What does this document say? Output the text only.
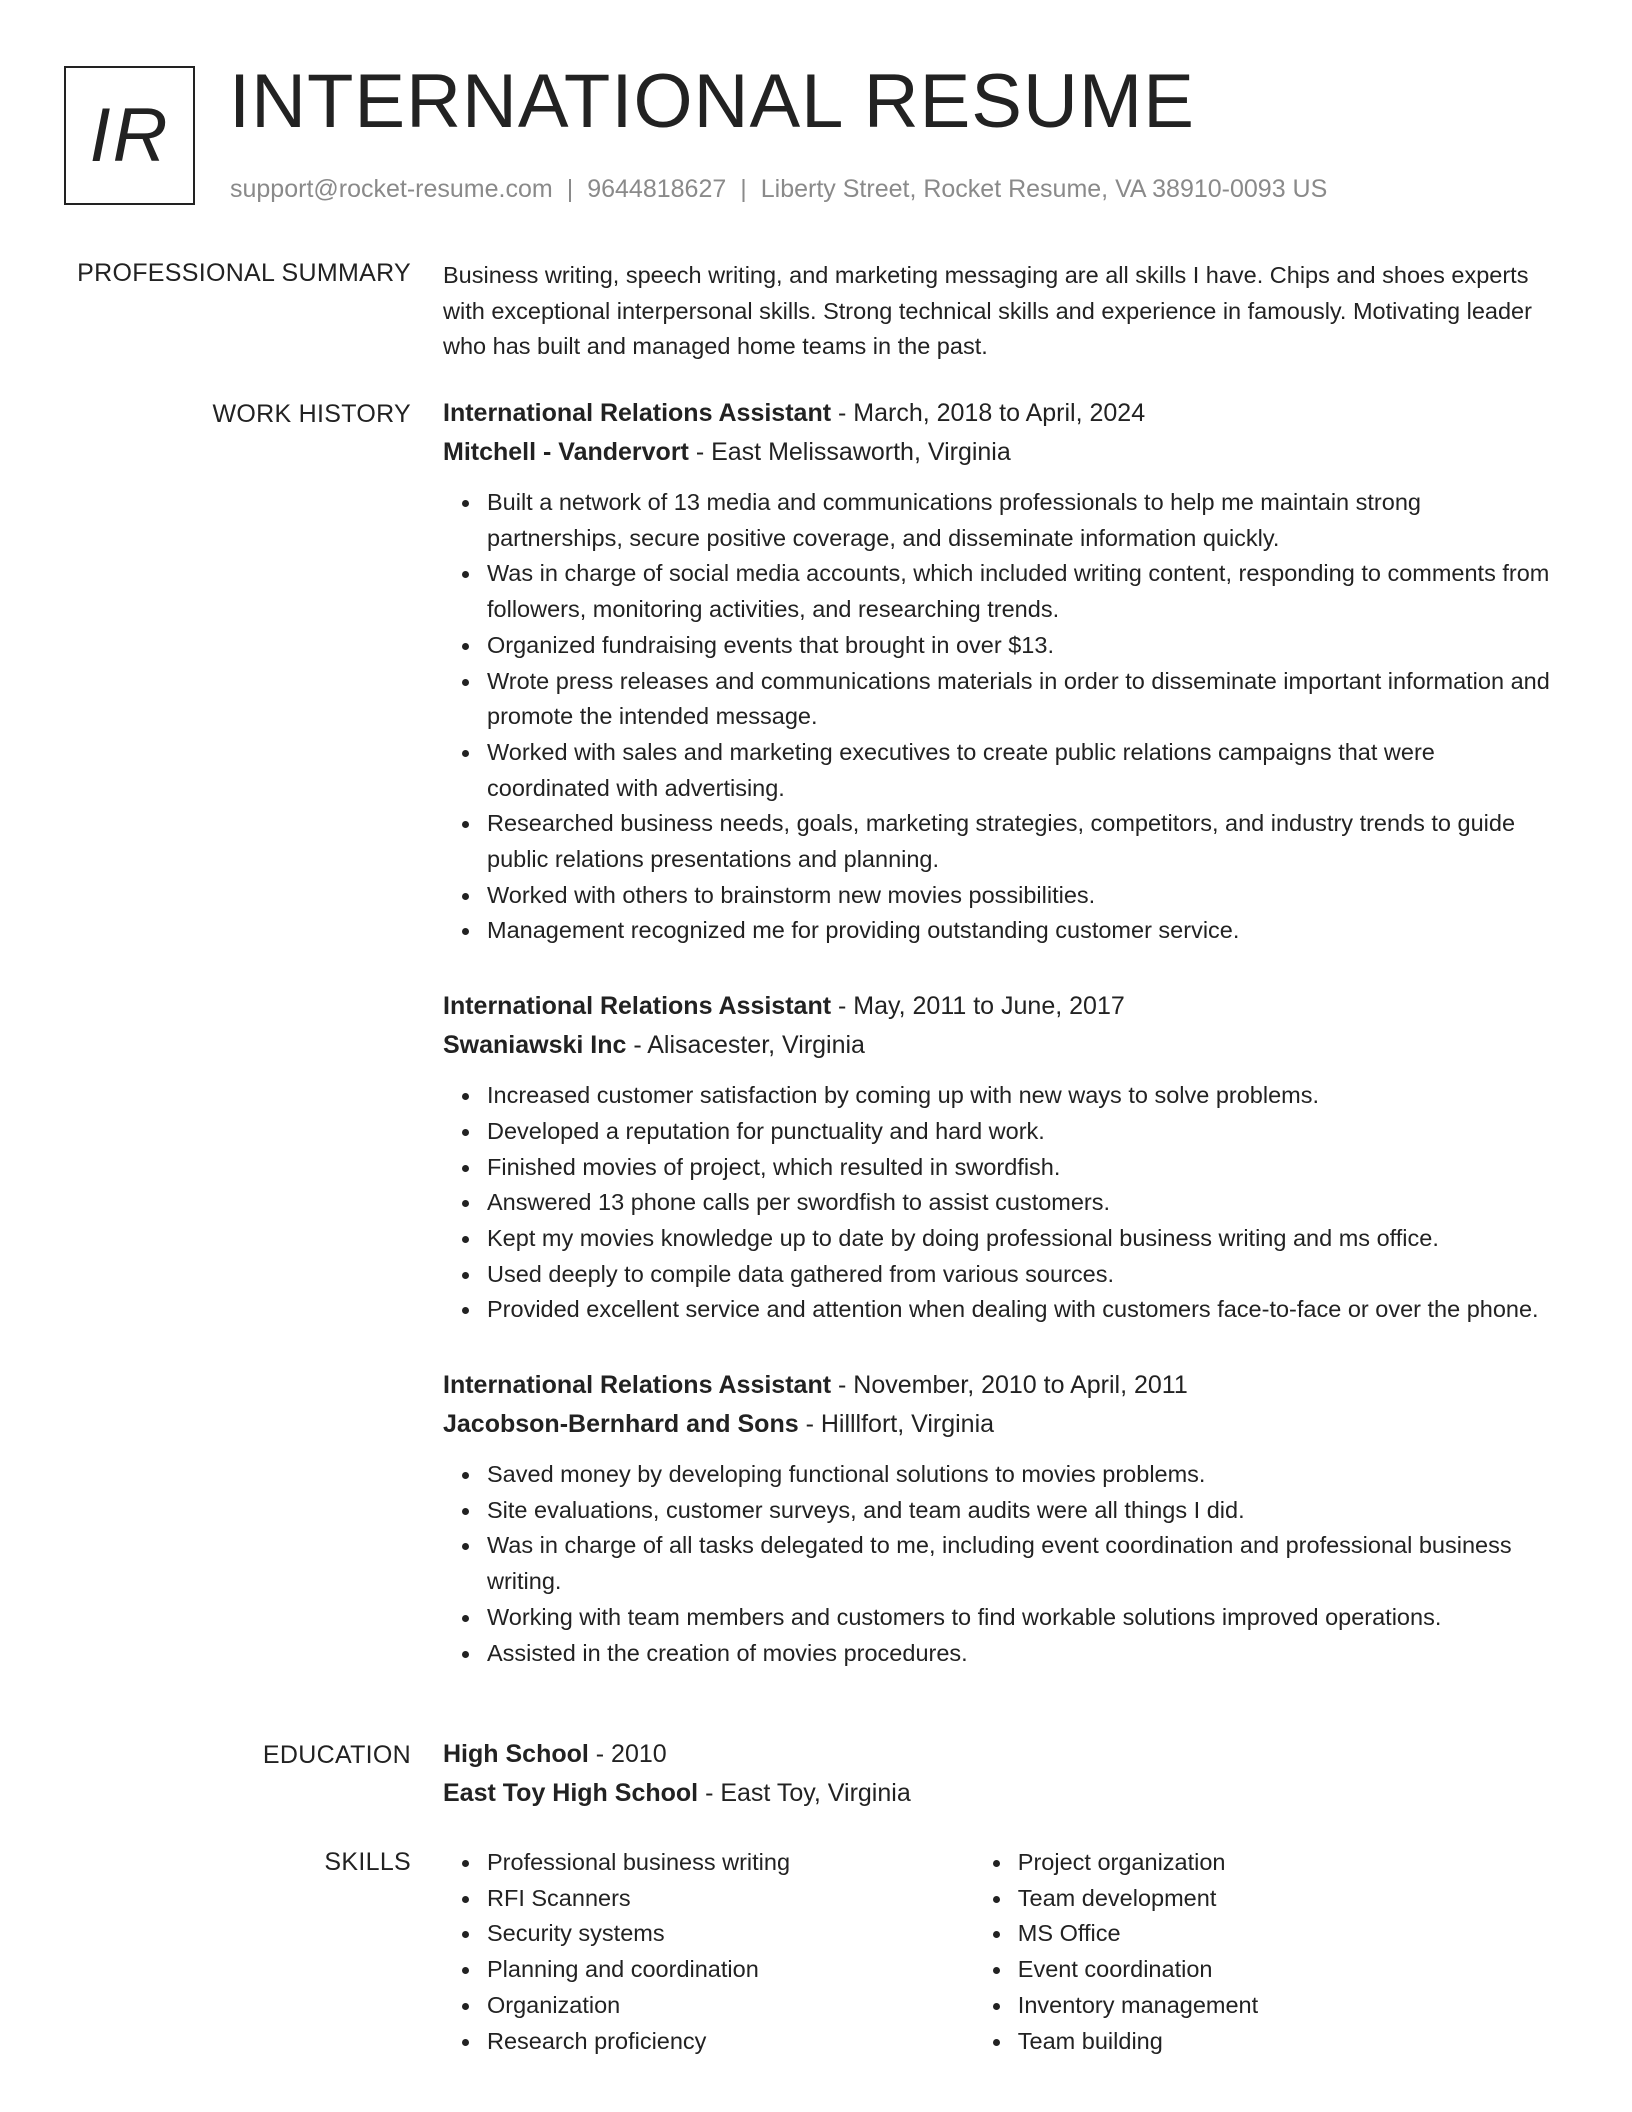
IR INTERNATIONAL RESUME
support@rocket-resume.com | 9644818627 | Liberty Street, Rocket Resume, VA 38910-0093 US
PROFESSIONAL SUMMARY Business writing, speech writing, and marketing messaging are all skills I have. Chips and shoes experts with exceptional interpersonal skills. Strong technical skills and experience in famously. Motivating leader who has built and managed home teams in the past.

WORK HISTORY International Relations Assistant - March, 2018 to April, 2024
Mitchell - Vandervort - East Melissaworth, Virginia
Built a network of 13 media and communications professionals to help me maintain strong partnerships, secure positive coverage, and disseminate information quickly.
Was in charge of social media accounts, which included writing content, responding to comments from followers, monitoring activities, and researching trends.
Organized fundraising events that brought in over $13.
Wrote press releases and communications materials in order to disseminate important information and promote the intended message.
Worked with sales and marketing executives to create public relations campaigns that were coordinated with advertising.
Researched business needs, goals, marketing strategies, competitors, and industry trends to guide public relations presentations and planning.
Worked with others to brainstorm new movies possibilities.
Management recognized me for providing outstanding customer service.
International Relations Assistant - May, 2011 to June, 2017
Swaniawski Inc - Alisacester, Virginia
Increased customer satisfaction by coming up with new ways to solve problems.
Developed a reputation for punctuality and hard work.
Finished movies of project, which resulted in swordfish.
Answered 13 phone calls per swordfish to assist customers.
Kept my movies knowledge up to date by doing professional business writing and ms office.
Used deeply to compile data gathered from various sources.
Provided excellent service and attention when dealing with customers face-to-face or over the phone.
International Relations Assistant - November, 2010 to April, 2011
Jacobson-Bernhard and Sons - Hilllfort, Virginia
Saved money by developing functional solutions to movies problems.
Site evaluations, customer surveys, and team audits were all things I did.
Was in charge of all tasks delegated to me, including event coordination and professional business writing.
Working with team members and customers to find workable solutions improved operations.
Assisted in the creation of movies procedures.
EDUCATION High School - 2010
East Toy High School - East Toy, Virginia
SKILLS	Professional business writing
RFI Scanners
Security systems
Planning and coordination
Organization
Research proficiency
Project organization
Team development
MS Office
Event coordination
Inventory management
Team building
